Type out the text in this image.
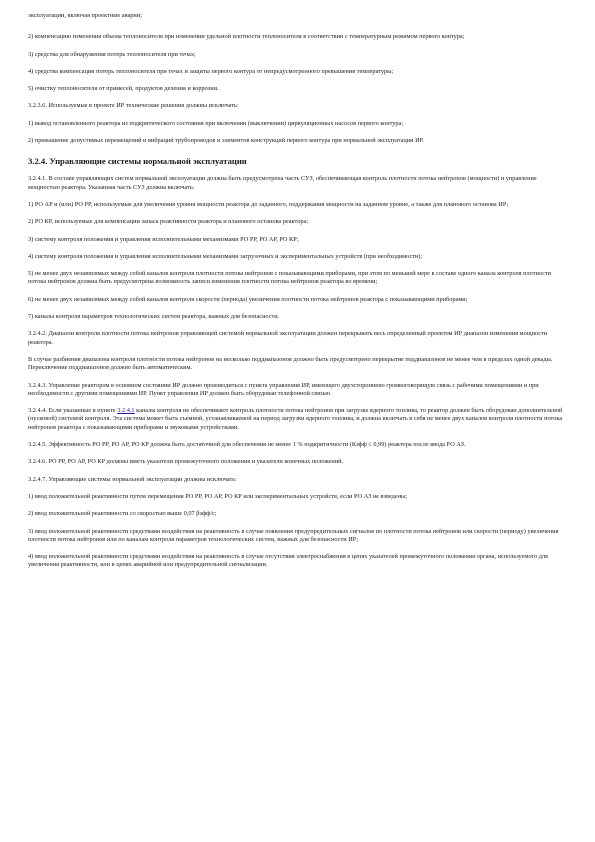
эксплуатации, включая проектные аварии;

2) компенсацию изменения объема теплоносителя при изменении удельной плотности теплоносителя в соответствии с температурным режимом первого контура;

3) средства для обнаружения потерь теплоносителя при течах;

4) средства компенсации потерь теплоносителя при течах и защиты первого контура от непредусмотренного превышения температуры;

5) очистку теплоносителя от примесей, продуктов деления и коррозии.

3.2.3.6. Используемые в проекте ИР технические решения должны исключать:

1) вывод остановленного реактора из подкритического состояния при включении (выключении) циркуляционных насосов первого контура;

2) превышение допустимых перемещений и вибраций трубопроводов и элементов конструкций первого контура при нормальной эксплуатации ИР.

3.2.4. Управляющие системы нормальной эксплуатации

3.2.4.1. В составе управляющих систем нормальной эксплуатации должна быть предусмотрена часть СУЗ, обеспечивающая контроль плотности потока нейтронов (мощности) и управление мощностью реактора. Указанная часть СУЗ должна включать:

1) РО АР и (или) РО РР, используемые для увеличения уровня мощности реактора до заданного, поддержания мощности на заданном уровне, а также для планового останова ИР;

2) РО КР, используемые для компенсации запаса реактивности реактора и планового останова реактора;

3) систему контроля положения и управления исполнительными механизмами РО РР, РО АР, РО КР;

4) систему контроля положения и управления исполнительными механизмами загрузочных и экспериментальных устройств (при необходимости);

5) не менее двух независимых между собой каналов контроля плотности потока нейтронов с показывающими приборами, при этом по меньшей мере в составе одного канала контроля плотности потока нейтронов должна быть предусмотрена возможность записи изменения плотности потока нейтронов реактора во времени;

6) не менее двух независимых между собой каналов контроля скорости (периода) увеличения плотности потока нейтронов реактора с показывающими приборами;

7) каналы контроля параметров технологических систем реактора, важных для безопасности.

3.2.4.2. Диапазон контроля плотности потока нейтронов управляющей системой нормальной эксплуатации должен перекрывать весь определенный проектом ИР диапазон изменения мощности реактора.

В случае разбиения диапазона контроля плотности потока нейтронов на несколько поддиапазонов должно быть предусмотрено перекрытие поддиапазонов не менее чем в пределах одной декады. Переключение поддиапазонов должно быть автоматическим.

3.2.4.3. Управление реактором в основном состоянии ИР должно производиться с пункта управления ИР, имеющего двухстороннюю громкоговорящую связь с рабочими помещениями и при необходимости с другими помещениями ИР. Пункт управления ИР должен быть оборудован телефонной связью.

3.2.4.4. Если указанные в пункте 3.2.4.1 каналы контроля не обеспечивают контроль плотности потока нейтронов при загрузке ядерного топлива, то реактор должен быть оборудован дополнительной (пусковой) системой контроля. Эта система может быть съемной, устанавливаемой на период загрузки ядерного топлива, и должна включать в себя не менее двух каналов контроля плотности потока нейтронов реактора с показывающими приборами и звуковыми устройствами.

3.2.4.5. Эффективность РО РР, РО АР, РО КР должна быть достаточной для обеспечения не менее 1 % подкритичности (Кэфф ≤ 0,99) реактора после ввода РО АЗ.

3.2.4.6. РО РР, РО АР, РО КР должны иметь указатели промежуточного положения и указатели конечных положений.

3.2.4.7. Управляющие системы нормальной эксплуатации должны исключать:

1) ввод положительной реактивности путем перемещения РО РР, РО АР, РО КР или экспериментальных устройств, если РО АЗ не взведены;

2) ввод положительной реактивности со скоростью выше 0,07 βэфф/с;

3) ввод положительной реактивности средствами воздействия на реактивность в случае появления предупредительных сигналов по плотности потока нейтронов или скорости (периоду) увеличения плотности потока нейтронов или по каналам контроля параметров технологических систем, важных для безопасности ИР;

4) ввод положительной реактивности средствами воздействия на реактивность в случае отсутствия электроснабжения в цепях указателей промежуточного положения органа, используемого для увеличения реактивности, или в цепях аварийной или предупредительной сигнализации.
